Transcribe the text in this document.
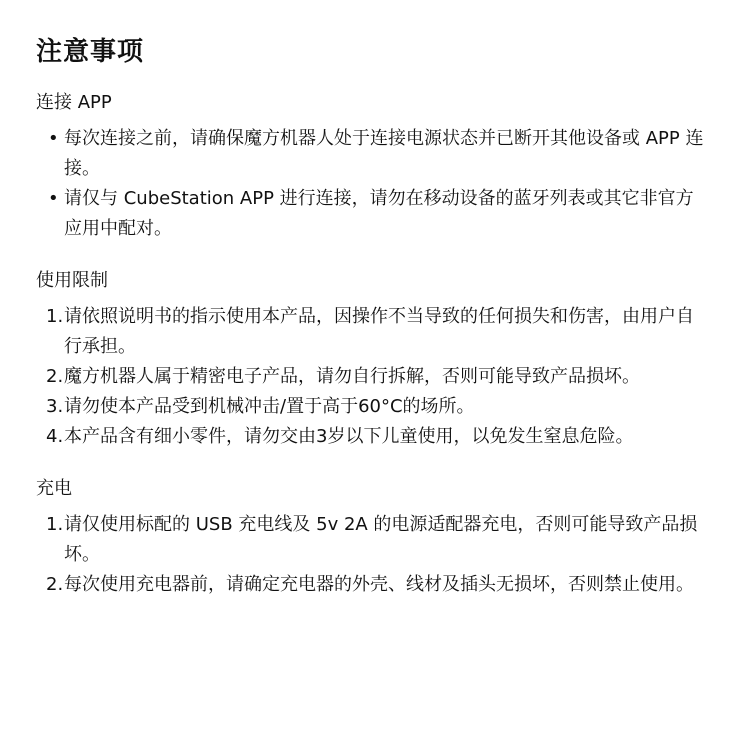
注意事项
连接 APP

• 每次连接之前，请确保魔方机器人处于连接电源状态并已断开其他设备或 APP 连接。

• 请仅与 CubeStation APP 进行连接，请勿在移动设备的蓝牙列表或其它非官方应用中配对。

使用限制

1. 请依照说明书的指示使用本产品，因操作不当导致的任何损失和伤害，由用户自行承担。

2. 魔方机器人属于精密电子产品，请勿自行拆解，否则可能导致产品损坏。

3. 请勿使本产品受到机械冲击/置于高于60°C的场所。

4. 本产品含有细小零件，请勿交由3岁以下儿童使用，以免发生窒息危险。

充电

1. 请仅使用标配的 USB 充电线及 5v 2A 的电源适配器充电，否则可能导致产品损坏。

2. 每次使用充电器前，请确定充电器的外壳、线材及插头无损坏，否则禁止使用。
